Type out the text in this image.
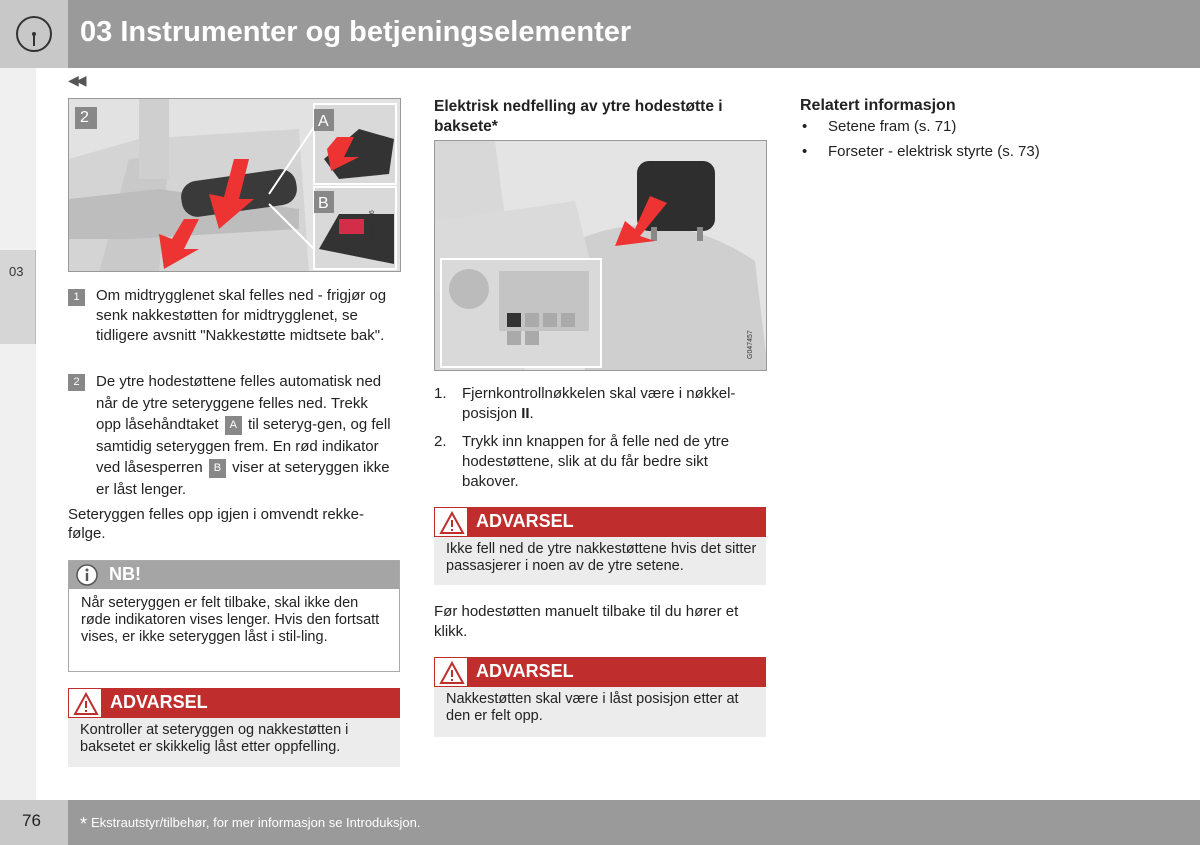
03 Instrumenter og betjeningselementer
03
◀◀
2	A
B
G043636
1	Om midtrygglenet skal felles ned - frigjør og senk nakkestøtten for midtrygglenet, se tidligere avsnitt "Nakkestøtte midtsete bak".
2	De ytre hodestøttene felles automatisk ned når de ytre seteryggene felles ned. Trekk opp låsehåndtaket A til seteryg-gen, og fell samtidig seteryggen frem. En rød indikator ved låsesperren B viser at seteryggen ikke er låst lenger.
Seteryggen felles opp igjen i omvendt rekke-følge.
NB!
Når seteryggen er felt tilbake, skal ikke den røde indikatoren vises lenger. Hvis den fortsatt vises, er ikke seteryggen låst i stil-ling.
ADVARSEL
Kontroller at seteryggen og nakkestøtten i baksetet er skikkelig låst etter oppfelling.
Elektrisk nedfelling av ytre hodestøtte i baksete*
G047457
1. Fjernkontrollnøkkelen skal være i nøkkel-posisjon II.
2. Trykk inn knappen for å felle ned de ytre hodestøttene, slik at du får bedre sikt bakover.
ADVARSEL
Ikke fell ned de ytre nakkestøttene hvis det sitter passasjerer i noen av de ytre setene.
Før hodestøtten manuelt tilbake til du hører et klikk.
ADVARSEL
Nakkestøtten skal være i låst posisjon etter at den er felt opp.
Relatert informasjon
• Setene fram (s. 71)
• Forseter - elektrisk styrte (s. 73)
76 * Ekstrautstyr/tilbehør, for mer informasjon se Introduksjon.
